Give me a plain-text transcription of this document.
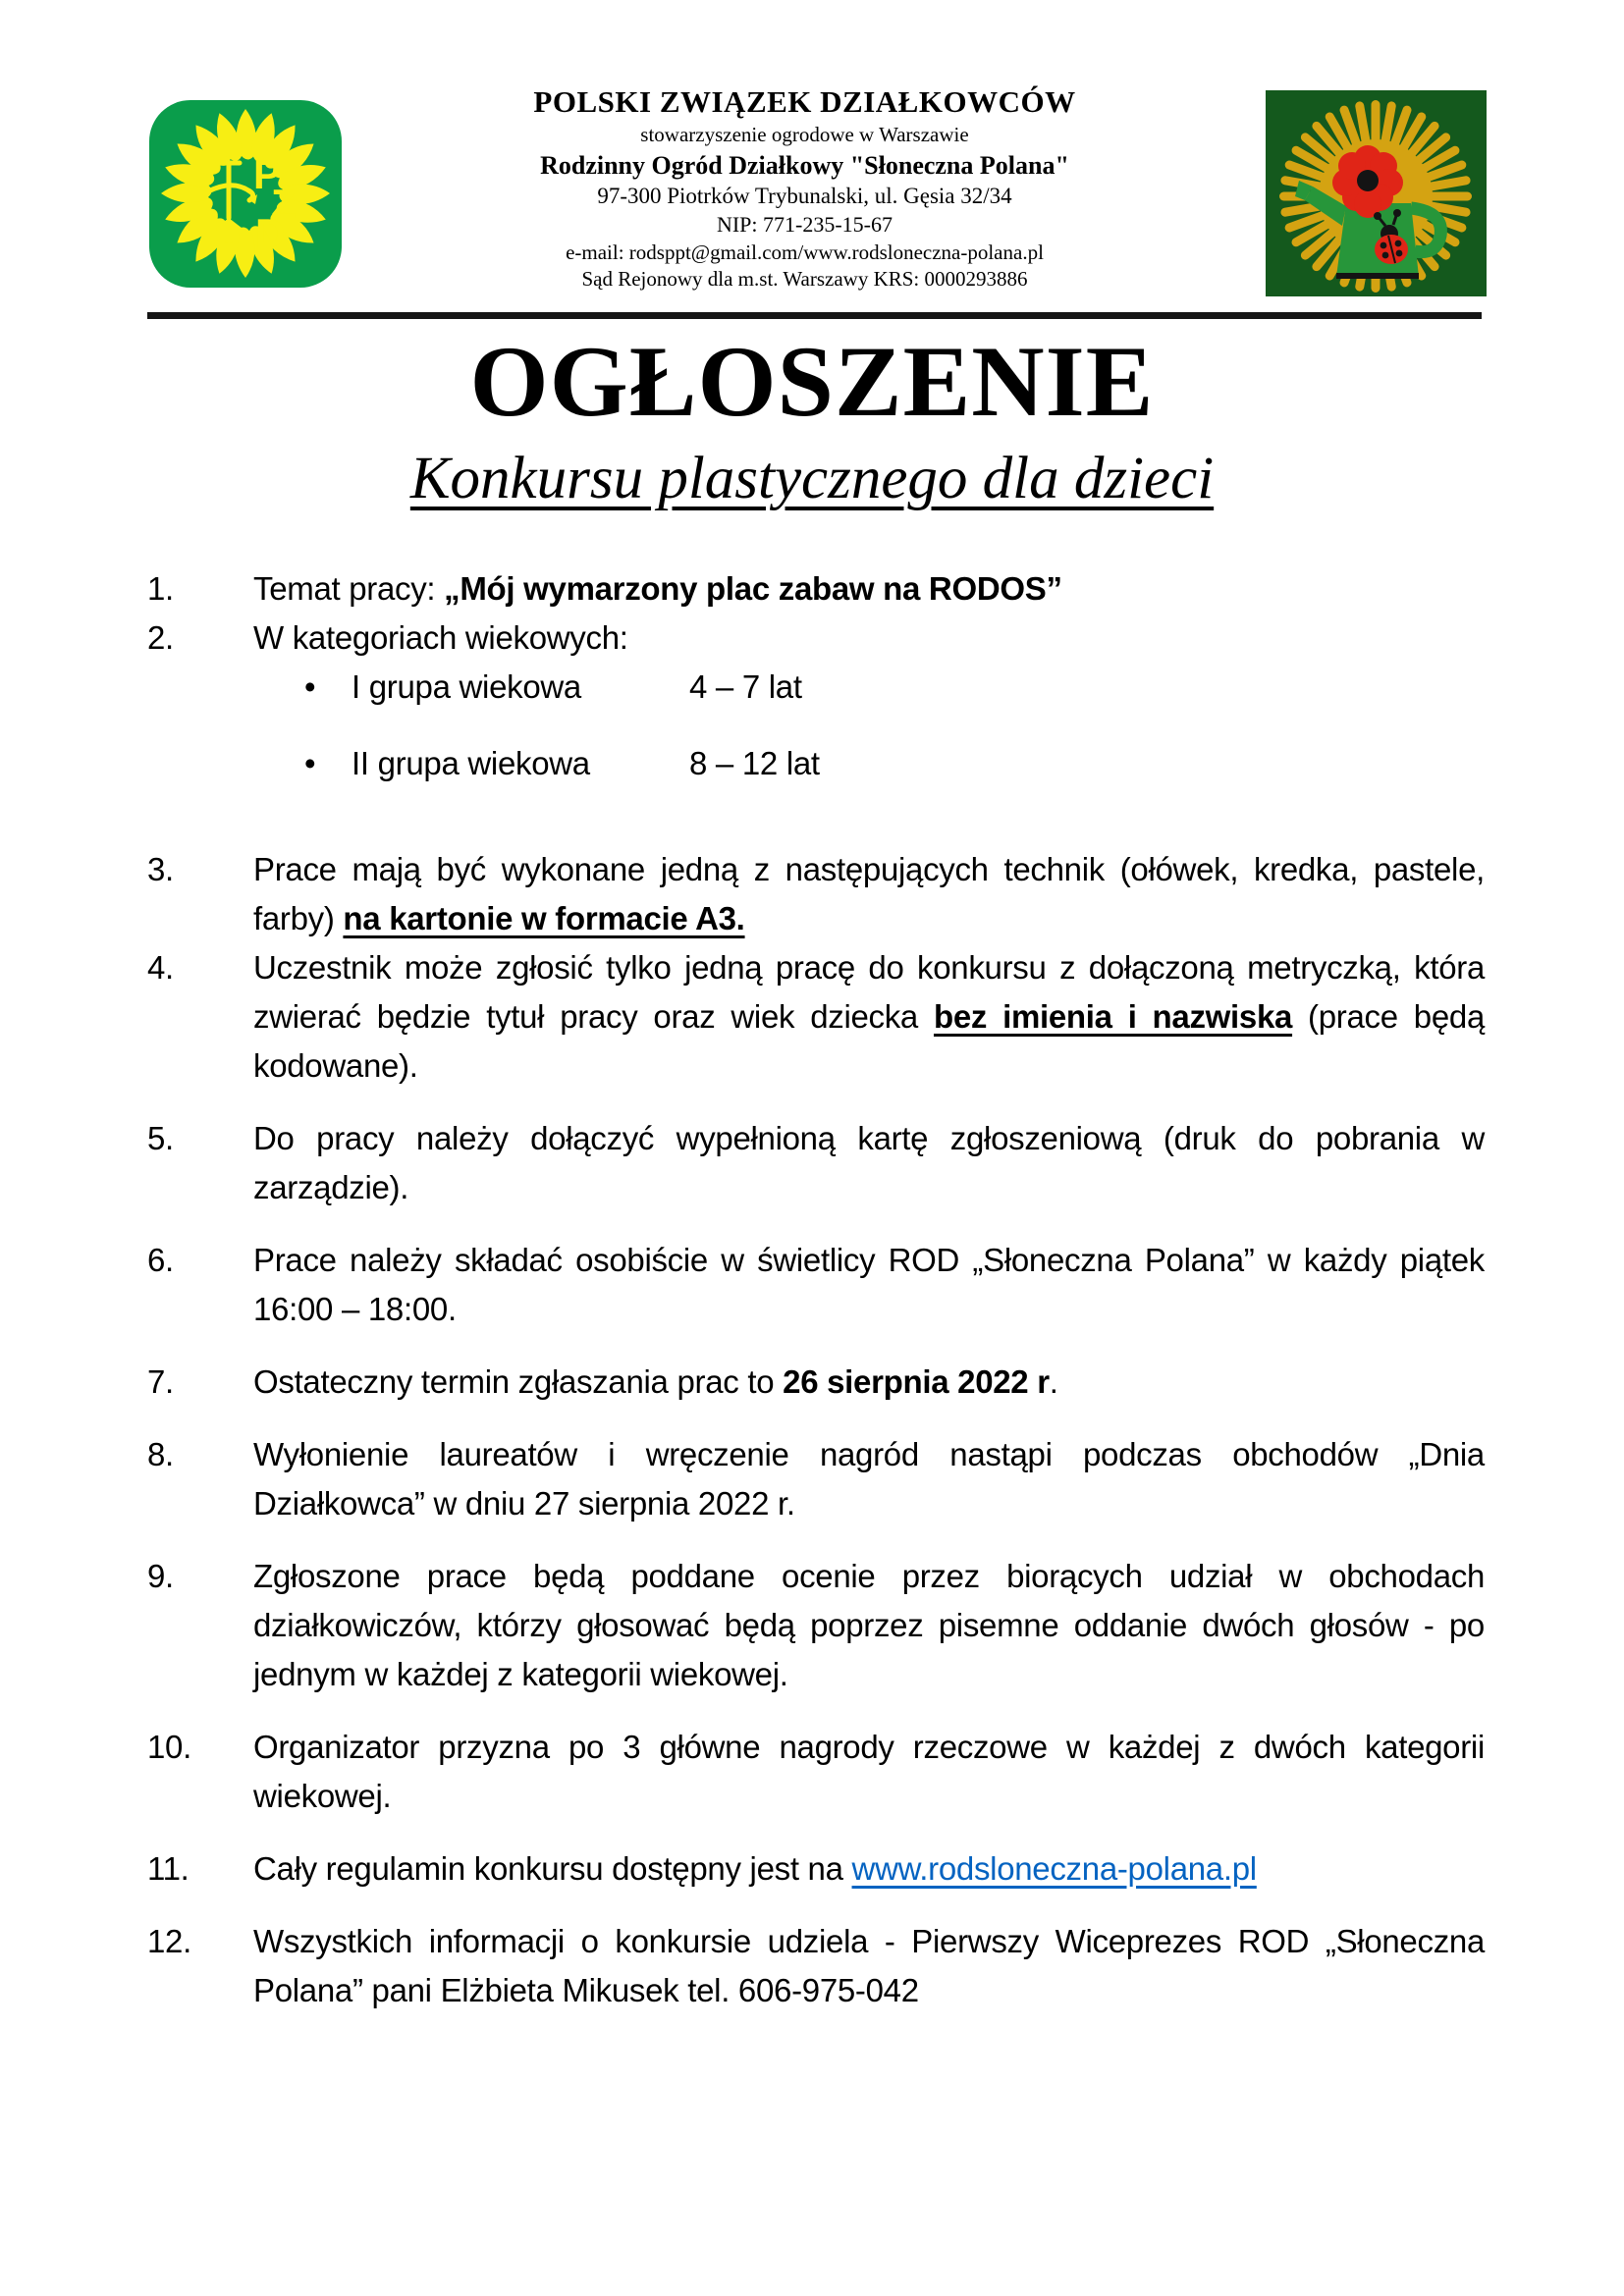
P
Z
D
POLSKI ZWIĄZEK DZIAŁKOWCÓW
stowarzyszenie ogrodowe w Warszawie
Rodzinny Ogród Działkowy "Słoneczna Polana"
97-300 Piotrków Trybunalski, ul. Gęsia 32/34
NIP: 771-235-15-67
e-mail: rodsppt@gmail.com/www.rodsloneczna-polana.pl
Sąd Rejonowy dla m.st. Warszawy KRS: 0000293886
OGŁOSZENIE
Konkursu plastycznego dla dzieci
1.	Temat pracy: „Mój wymarzony plac zabaw na RODOS”
2.	W kategoriach wiekowych:
•	I grupa wiekowa	4 – 7 lat
•	II grupa wiekowa	8 – 12 lat
3.	Prace mają być wykonane jedną z następujących technik (ołówek, kredka, pastele, farby) na kartonie w formacie A3.
4.	Uczestnik może zgłosić tylko jedną pracę do konkursu z dołączoną metryczką, która zwierać będzie tytuł pracy oraz wiek dziecka bez imienia i nazwiska (prace będą kodowane).
5.	Do pracy należy dołączyć wypełnioną kartę zgłoszeniową (druk do pobrania w zarządzie).
6.	Prace należy składać osobiście w świetlicy ROD „Słoneczna Polana” w każdy piątek 16:00 – 18:00.
7.	Ostateczny termin zgłaszania prac to 26 sierpnia 2022 r.
8.	Wyłonienie laureatów i wręczenie nagród nastąpi podczas obchodów „Dnia Działkowca” w dniu 27 sierpnia 2022 r.
9.	Zgłoszone prace będą poddane ocenie przez biorących udział w obchodach działkowiczów, którzy głosować będą poprzez pisemne oddanie dwóch głosów - po jednym w każdej z kategorii wiekowej.
10.	Organizator przyzna po 3 główne nagrody rzeczowe w każdej z dwóch kategorii wiekowej.
11.	Cały regulamin konkursu dostępny jest na www.rodsloneczna-polana.pl
12.	Wszystkich informacji o konkursie udziela - Pierwszy Wiceprezes ROD „Słoneczna Polana” pani Elżbieta Mikusek tel. 606-975-042
